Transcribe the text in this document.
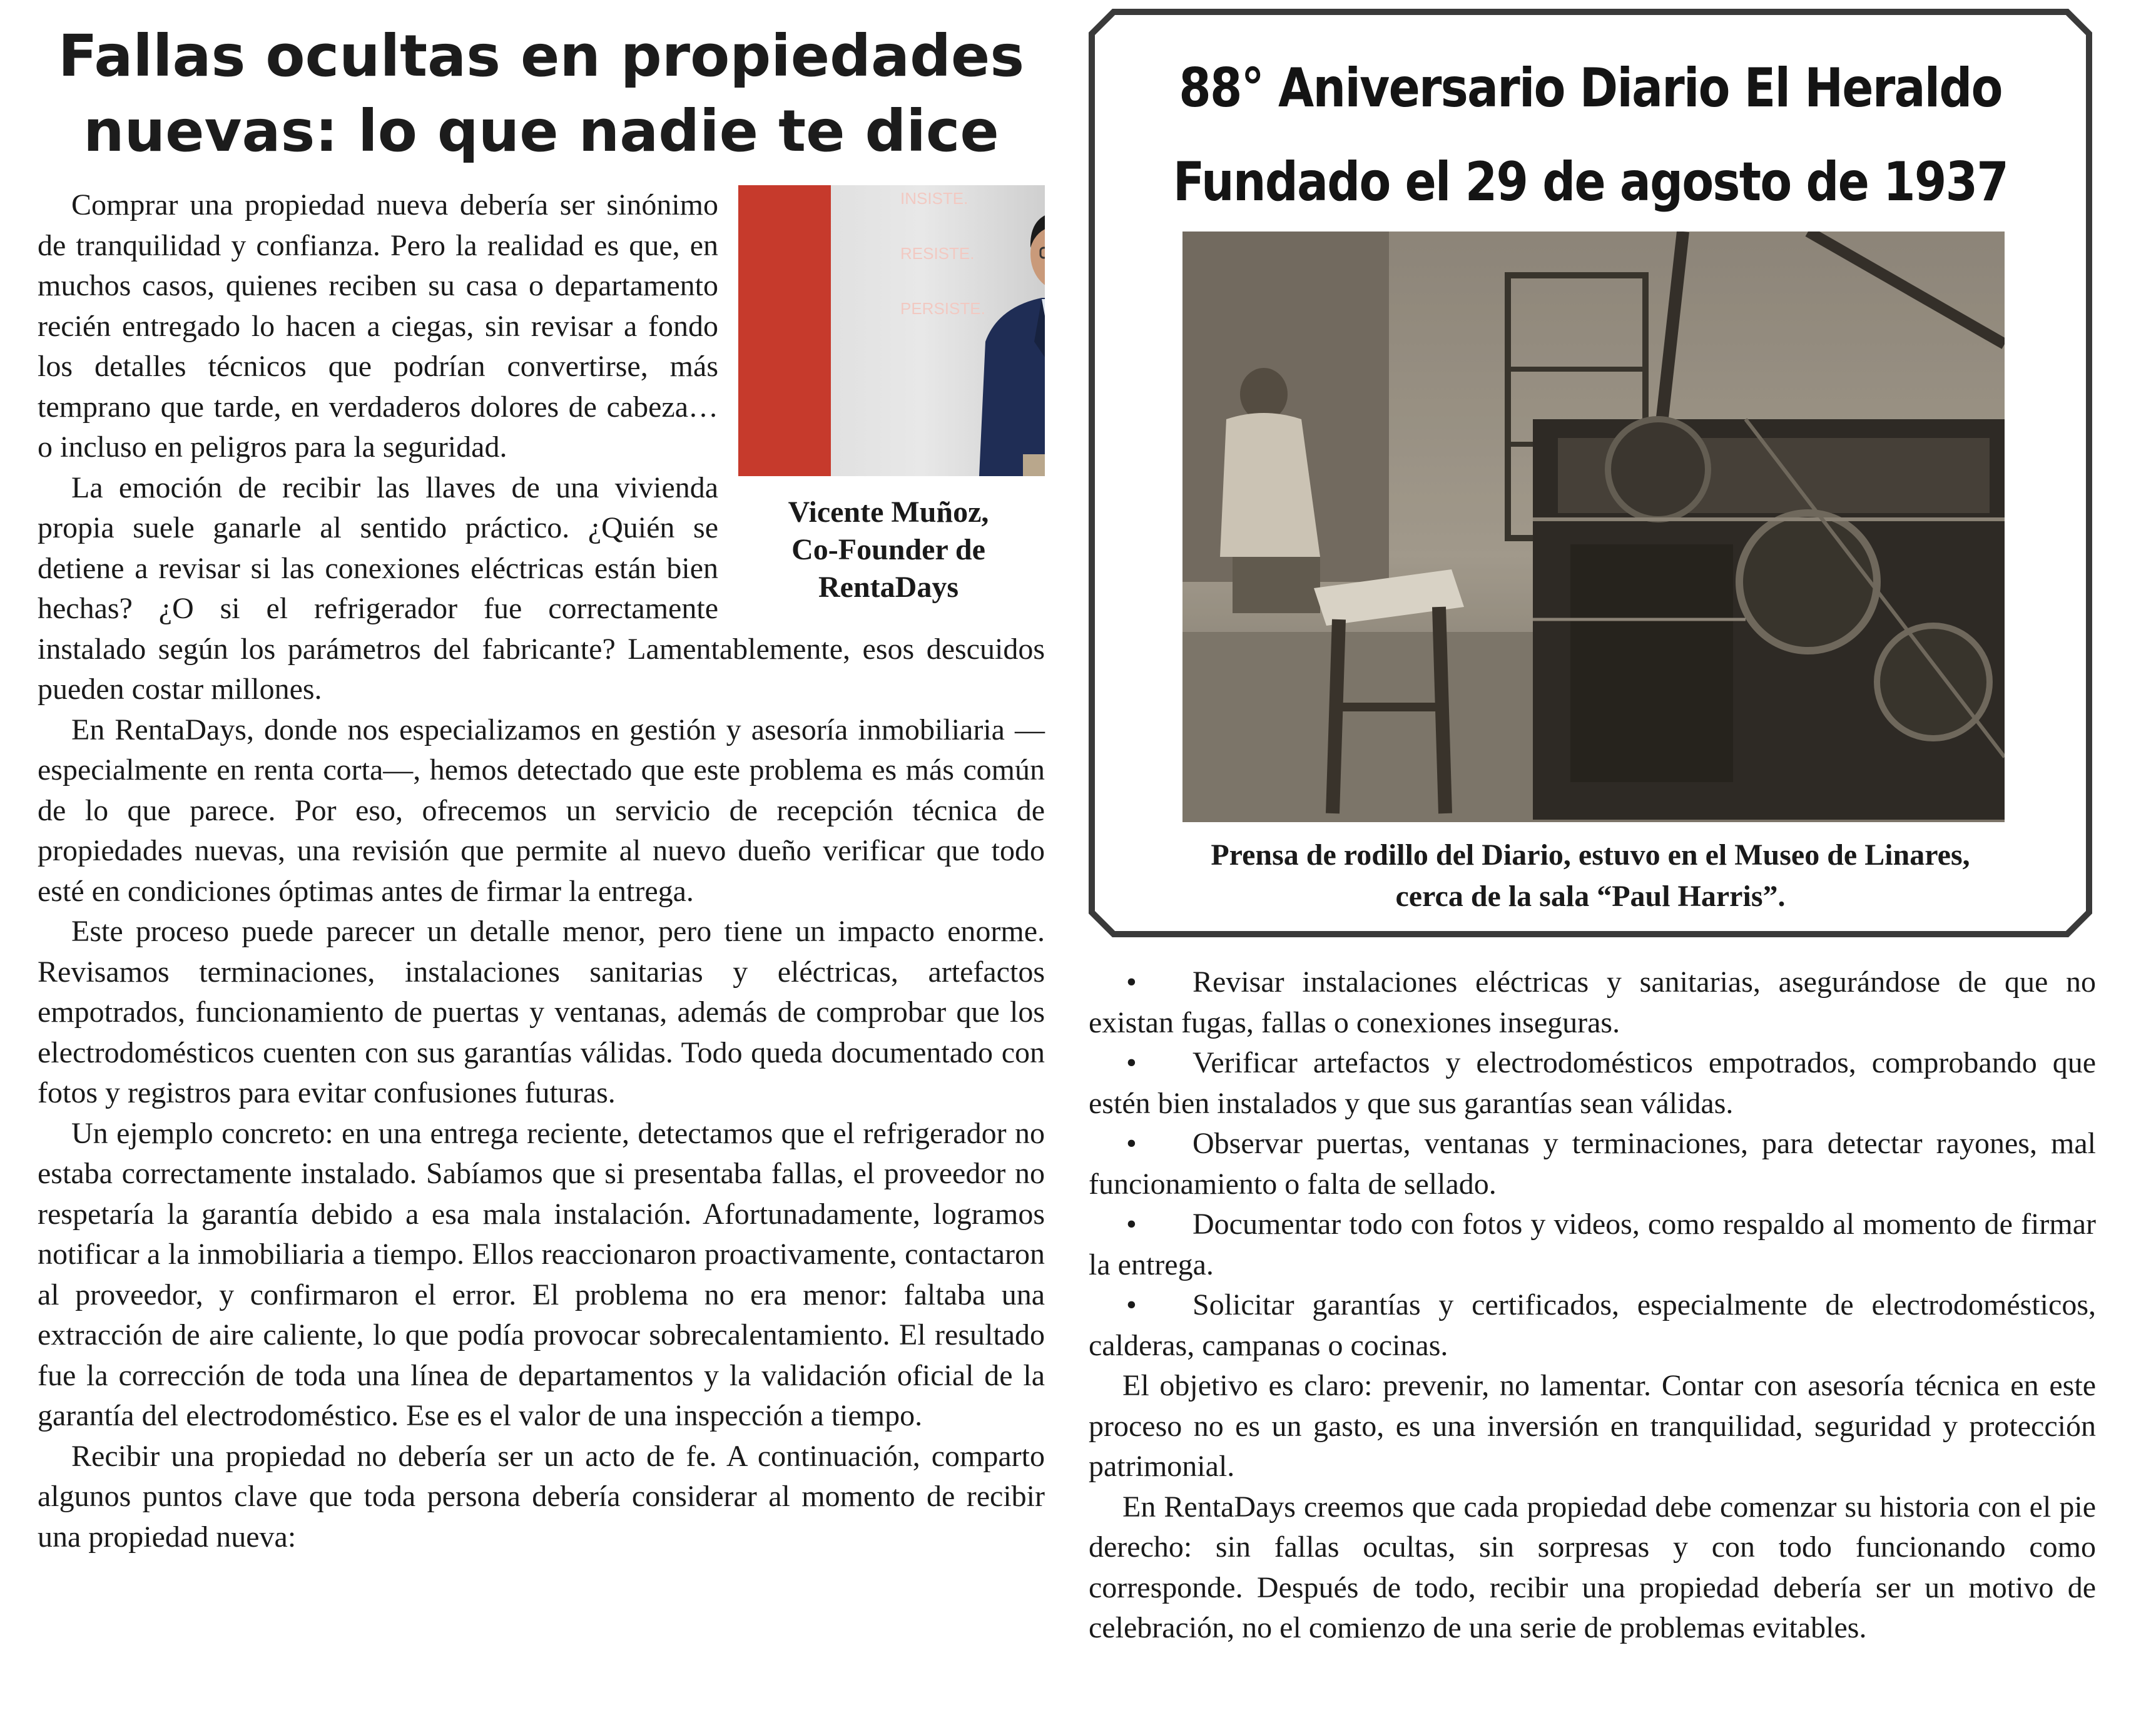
Fallas ocultas en propiedades
nuevas: lo que nadie te dice
INSISTE.
RESISTE.
PERSISTE.
Vicente Muñoz,
Co-Founder de
RentaDays

Comprar una propiedad nueva debería ser sinónimo de tranquilidad y confianza. Pero la realidad es que, en muchos casos, quienes reciben su casa o departamento recién entregado lo hacen a ciegas, sin revisar a fondo los detalles técnicos que podrían convertirse, más temprano que tarde, en verdaderos dolores de cabeza… o incluso en peligros para la seguridad.

La emoción de recibir las llaves de una vivienda propia suele ganarle al sentido práctico. ¿Quién se detiene a revisar si las conexiones eléctricas están bien hechas? ¿O si el refrigerador fue correctamente instalado según los parámetros del fabricante? Lamentablemente, esos descuidos pueden costar millones.

En RentaDays, donde nos especializamos en gestión y asesoría inmobiliaria —especialmente en renta corta—, hemos detectado que este problema es más común de lo que parece. Por eso, ofrecemos un servicio de recepción técnica de propiedades nuevas, una revisión que permite al nuevo dueño verificar que todo esté en condiciones óptimas antes de firmar la entrega.

Este proceso puede parecer un detalle menor, pero tiene un impacto enorme. Revisamos terminaciones, instalaciones sanitarias y eléctricas, artefactos empotrados, funcionamiento de puertas y ventanas, además de comprobar que los electrodomésticos cuenten con sus garantías válidas. Todo queda documentado con fotos y registros para evitar confusiones futuras.

Un ejemplo concreto: en una entrega reciente, detectamos que el refrigerador no estaba correctamente instalado. Sabíamos que si presentaba fallas, el proveedor no respetaría la garantía debido a esa mala instalación. Afortunadamente, logramos notificar a la inmobiliaria a tiempo. Ellos reaccionaron proactivamente, contactaron al proveedor, y confirmaron el error. El problema no era menor: faltaba una extracción de aire caliente, lo que podía provocar sobrecalentamiento. El resultado fue la corrección de toda una línea de departamentos y la validación oficial de la garantía del electrodoméstico. Ese es el valor de una inspección a tiempo.

Recibir una propiedad no debería ser un acto de fe. A continuación, comparto algunos puntos clave que toda persona debería considerar al momento de recibir una propiedad nueva:

88° Aniversario Diario El Heraldo
Fundado el 29 de agosto de 1937
Prensa de rodillo del Diario, estuvo en el Museo de Linares,
cerca de la sala “Paul Harris”.
• Revisar instalaciones eléctricas y sanitarias, asegurándose de que no existan fugas, fallas o conexiones inseguras.
• Verificar artefactos y electrodomésticos empotrados, comprobando que estén bien instalados y que sus garantías sean válidas.
• Observar puertas, ventanas y terminaciones, para detectar rayones, mal funcionamiento o falta de sellado.
• Documentar todo con fotos y videos, como respaldo al momento de firmar la entrega.
• Solicitar garantías y certificados, especialmente de electrodomésticos, calderas, campanas o cocinas.

El objetivo es claro: prevenir, no lamentar. Contar con asesoría técnica en este proceso no es un gasto, es una inversión en tranquilidad, seguridad y protección patrimonial.

En RentaDays creemos que cada propiedad debe comenzar su historia con el pie derecho: sin fallas ocultas, sin sorpresas y con todo funcionando como corresponde. Después de todo, recibir una propiedad debería ser un motivo de celebración, no el comienzo de una serie de problemas evitables.
